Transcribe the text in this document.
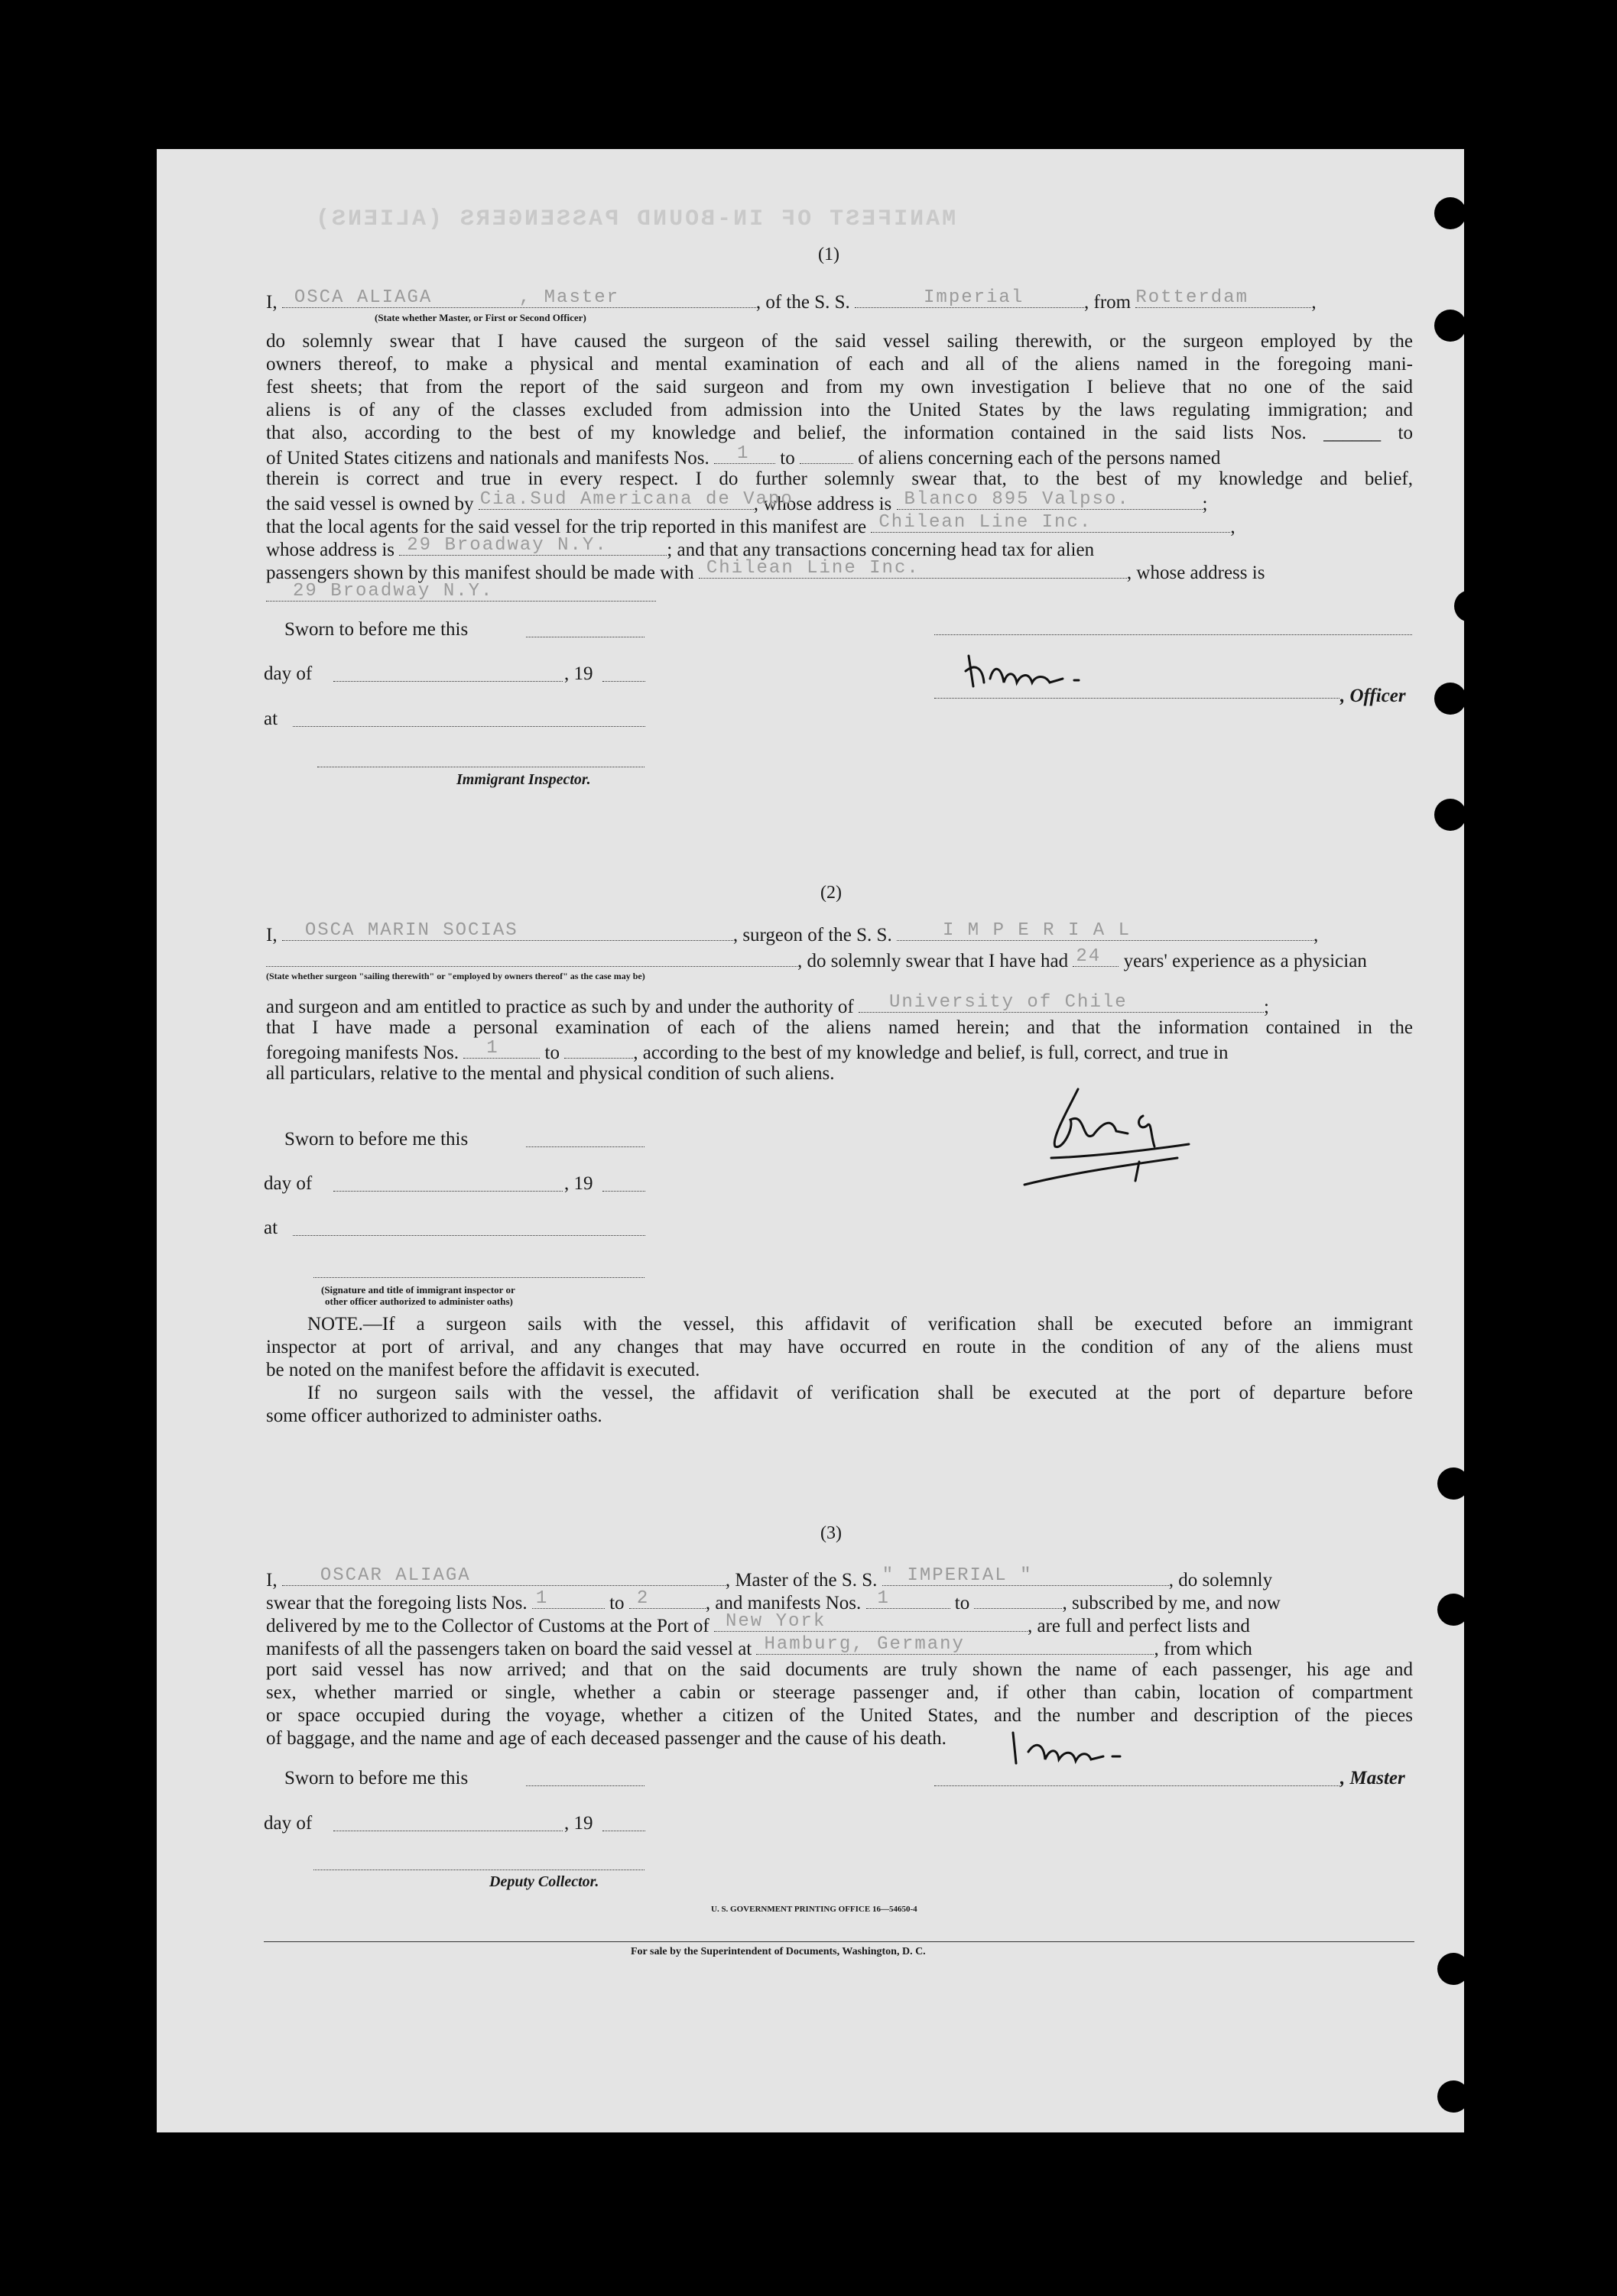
MANIFEST OF IN-BOUND PASSENGERS (ALIENS)
(1)
I, OSCA ALIAGA	, Master	, of the S. S.	Imperial	, from Rotterdam	,
(State whether Master, or First or Second Officer)
do solemnly swear that I have caused the surgeon of the said vessel sailing therewith, or the surgeon employed by the
owners thereof, to make a physical and mental examination of each and all of the aliens named in the foregoing mani-
fest sheets; that from the report of the said surgeon and from my own investigation I believe that no one of the said
aliens is of any of the classes excluded from admission into the United States by the laws regulating immigration; and
that also, according to the best of my knowledge and belief, the information contained in the said lists Nos. ______ to
of United States citizens and nationals and manifests Nos. 1 to	of aliens concerning each of the persons named
therein is correct and true in every respect. I do further solemnly swear that, to the best of my knowledge and belief,
the said vessel is owned by Cia.Sud Americana de Vapo
, whose address is Blanco 895 Valpso.	;
that the local agents for the said vessel for the trip reported in this manifest are Chilean Line Inc.	,
whose address is 29 Broadway N.Y.	; and that any transactions concerning head tax for alien
passengers shown by this manifest should be made with Chilean Line Inc.	, whose address is
29 Broadway N.Y.
Sworn to before me this
day of	, 19
at
Immigrant Inspector.
, Officer
(2)
I, OSCA MARIN SOCIAS	, surgeon of the S. S.	I M P E R I A L	,
, do solemnly swear that I have had 24 years' experience as a physician
(State whether surgeon "sailing therewith" or "employed by owners thereof" as the case may be)
and surgeon and am entitled to practice as such by and under the authority of University of Chile	;
that I have made a personal examination of each of the aliens named herein; and that the information contained in the
foregoing manifests Nos. 1 to	, according to the best of my knowledge and belief, is full, correct, and true in
all particulars, relative to the mental and physical condition of such aliens.
Sworn to before me this
day of	, 19
at
(Signature and title of immigrant inspector or
other officer authorized to administer oaths)
NOTE.—If a surgeon sails with the vessel, this affidavit of verification shall be executed before an immigrant
inspector at port of arrival, and any changes that may have occurred en route in the condition of any of the aliens must
be noted on the manifest before the affidavit is executed.
If no surgeon sails with the vessel, the affidavit of verification shall be executed at the port of departure before
some officer authorized to administer oaths.
(3)
I, OSCAR ALIAGA	, Master of the S. S. " IMPERIAL "	, do solemnly
swear that the foregoing lists Nos. 1	to 2	, and manifests Nos. 1	to	, subscribed by me, and now
delivered by me to the Collector of Customs at the Port of New York	, are full and perfect lists and
manifests of all the passengers taken on board the said vessel at Hamburg, Germany	, from which
port said vessel has now arrived; and that on the said documents are truly shown the name of each passenger, his age and
sex, whether married or single, whether a cabin or steerage passenger and, if other than cabin, location of compartment
or space occupied during the voyage, whether a citizen of the United States, and the number and description of the pieces
of baggage, and the name and age of each deceased passenger and the cause of his death.
Sworn to before me this	, Master
day of	, 19
Deputy Collector.
U. S. GOVERNMENT PRINTING OFFICE 16—54650-4
For sale by the Superintendent of Documents, Washington, D. C.
